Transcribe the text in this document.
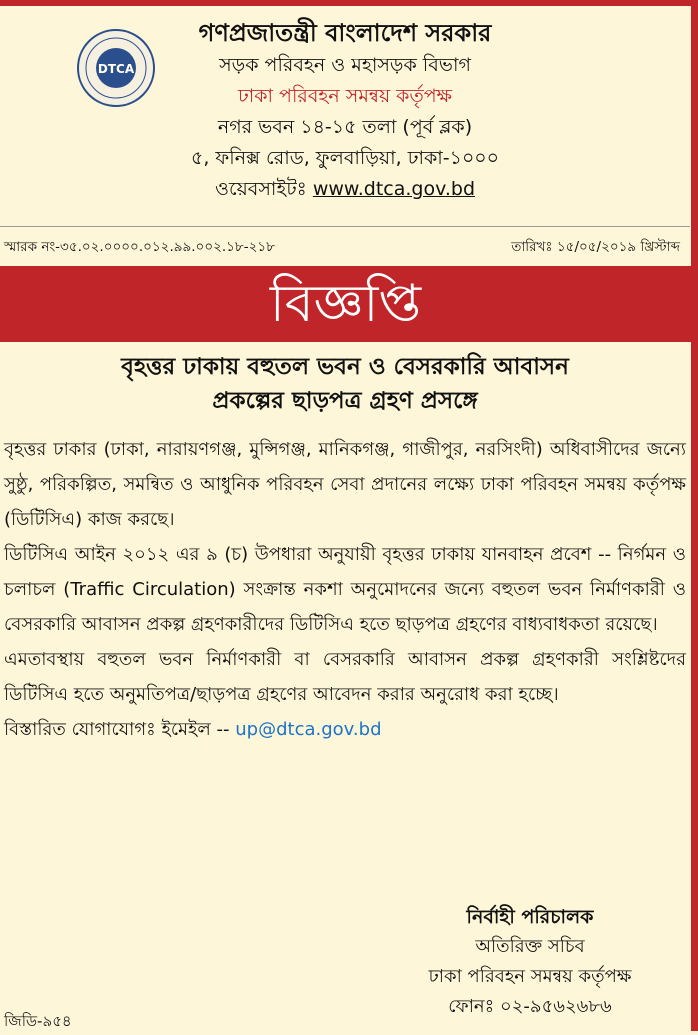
DTCA
গণপ্রজাতন্ত্রী বাংলাদেশ সরকার
সড়ক পরিবহন ও মহাসড়ক বিভাগ
ঢাকা পরিবহন সমন্বয় কর্তৃপক্ষ
নগর ভবন ১৪-১৫ তলা (পূর্ব ব্লক)
৫, ফনিক্স রোড, ফুলবাড়িয়া, ঢাকা-১০০০
ওয়েবসাইটঃ www.dtca.gov.bd
স্মারক নং-৩৫.০২.০০০০.০১২.৯৯.০০২.১৮-২১৮	তারিখঃ ১৫/০৫/২০১৯ খ্রিস্টাব্দ
বিজ্ঞপ্তি
বৃহত্তর ঢাকায় বহুতল ভবন ও বেসরকারি আবাসন
প্রকল্পের ছাড়পত্র গ্রহণ প্রসঙ্গে

বৃহত্তর ঢাকার (ঢাকা, নারায়ণগঞ্জ, মুন্সিগঞ্জ, মানিকগঞ্জ, গাজীপুর, নরসিংদী) অধিবাসীদের জন্যে সুষ্ঠু, পরিকল্পিত, সমন্বিত ও আধুনিক পরিবহন সেবা প্রদানের লক্ষ্যে ঢাকা পরিবহন সমন্বয় কর্তৃপক্ষ (ডিটিসিএ) কাজ করছে।

ডিটিসিএ আইন ২০১২ এর ৯ (চ) উপধারা অনুযায়ী বৃহত্তর ঢাকায় যানবাহন প্রবেশ -- নির্গমন ও চলাচল (Traffic Circulation) সংক্রান্ত নকশা অনুমোদনের জন্যে বহুতল ভবন নির্মাণকারী ও বেসরকারি আবাসন প্রকল্প গ্রহণকারীদের ডিটিসিএ হতে ছাড়পত্র গ্রহণের বাধ্যবাধকতা রয়েছে।

এমতাবস্থায় বহুতল ভবন নির্মাণকারী বা বেসরকারি আবাসন প্রকল্প গ্রহণকারী সংশ্লিষ্টদের ডিটিসিএ হতে অনুমতিপত্র/ছাড়পত্র গ্রহণের আবেদন করার অনুরোধ করা হচ্ছে।

বিস্তারিত যোগাযোগঃ ইমেইল -- up@dtca.gov.bd

নির্বাহী পরিচালক
অতিরিক্ত সচিব
ঢাকা পরিবহন সমন্বয় কর্তৃপক্ষ
ফোনঃ ০২-৯৫৬২৬৮৬
জিডি-৯৫৪
